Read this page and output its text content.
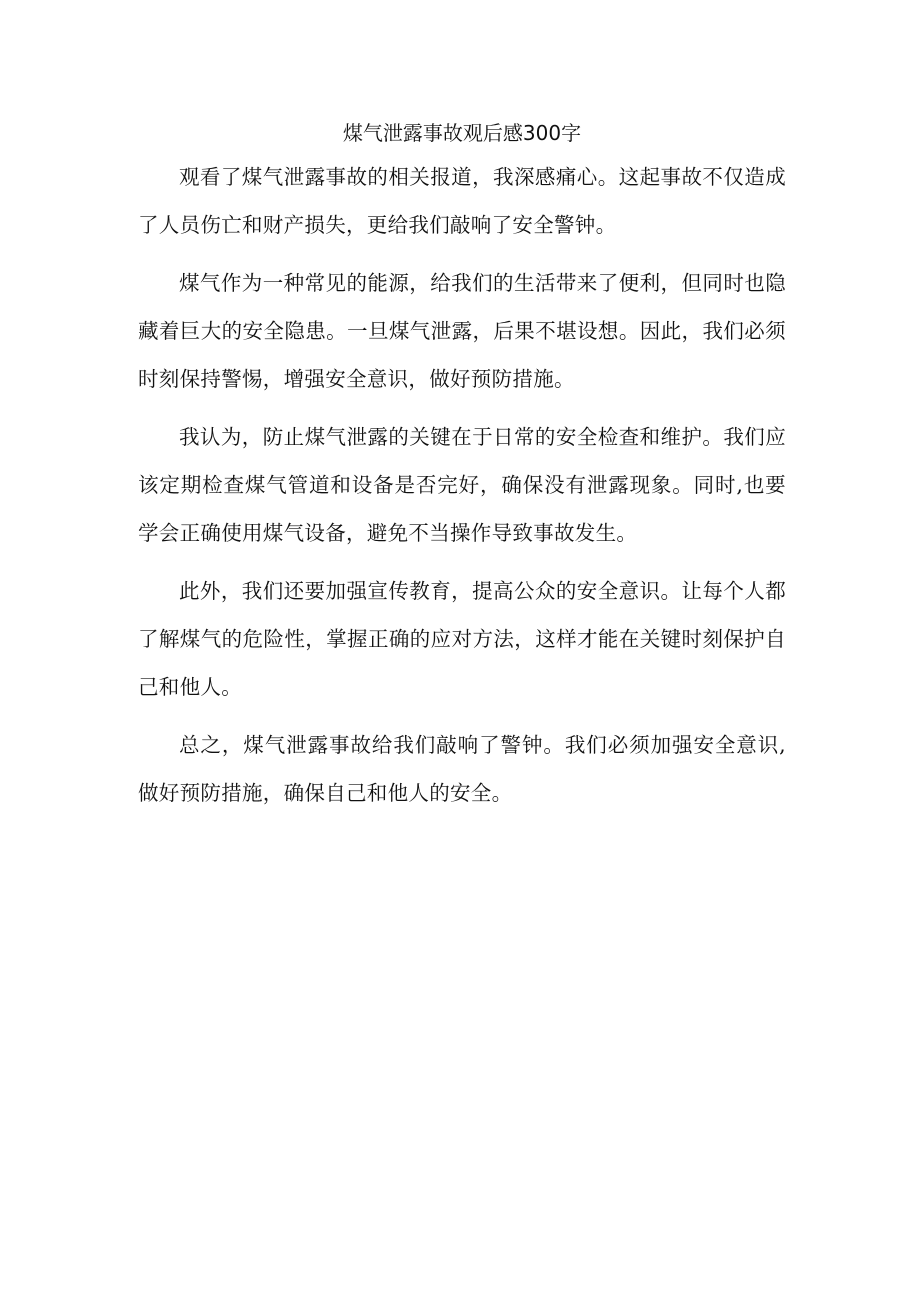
煤气泄露事故观后感300字

观看了煤气泄露事故的相关报道，我深感痛心。这起事故不仅造成了人员伤亡和财产损失，更给我们敲响了安全警钟。

煤气作为一种常见的能源，给我们的生活带来了便利，但同时也隐藏着巨大的安全隐患。一旦煤气泄露，后果不堪设想。因此，我们必须时刻保持警惕，增强安全意识，做好预防措施。

我认为，防止煤气泄露的关键在于日常的安全检查和维护。我们应该定期检查煤气管道和设备是否完好，确保没有泄露现象。同时,也要学会正确使用煤气设备，避免不当操作导致事故发生。

此外，我们还要加强宣传教育，提高公众的安全意识。让每个人都了解煤气的危险性，掌握正确的应对方法，这样才能在关键时刻保护自己和他人。

总之，煤气泄露事故给我们敲响了警钟。我们必须加强安全意识,做好预防措施，确保自己和他人的安全。
